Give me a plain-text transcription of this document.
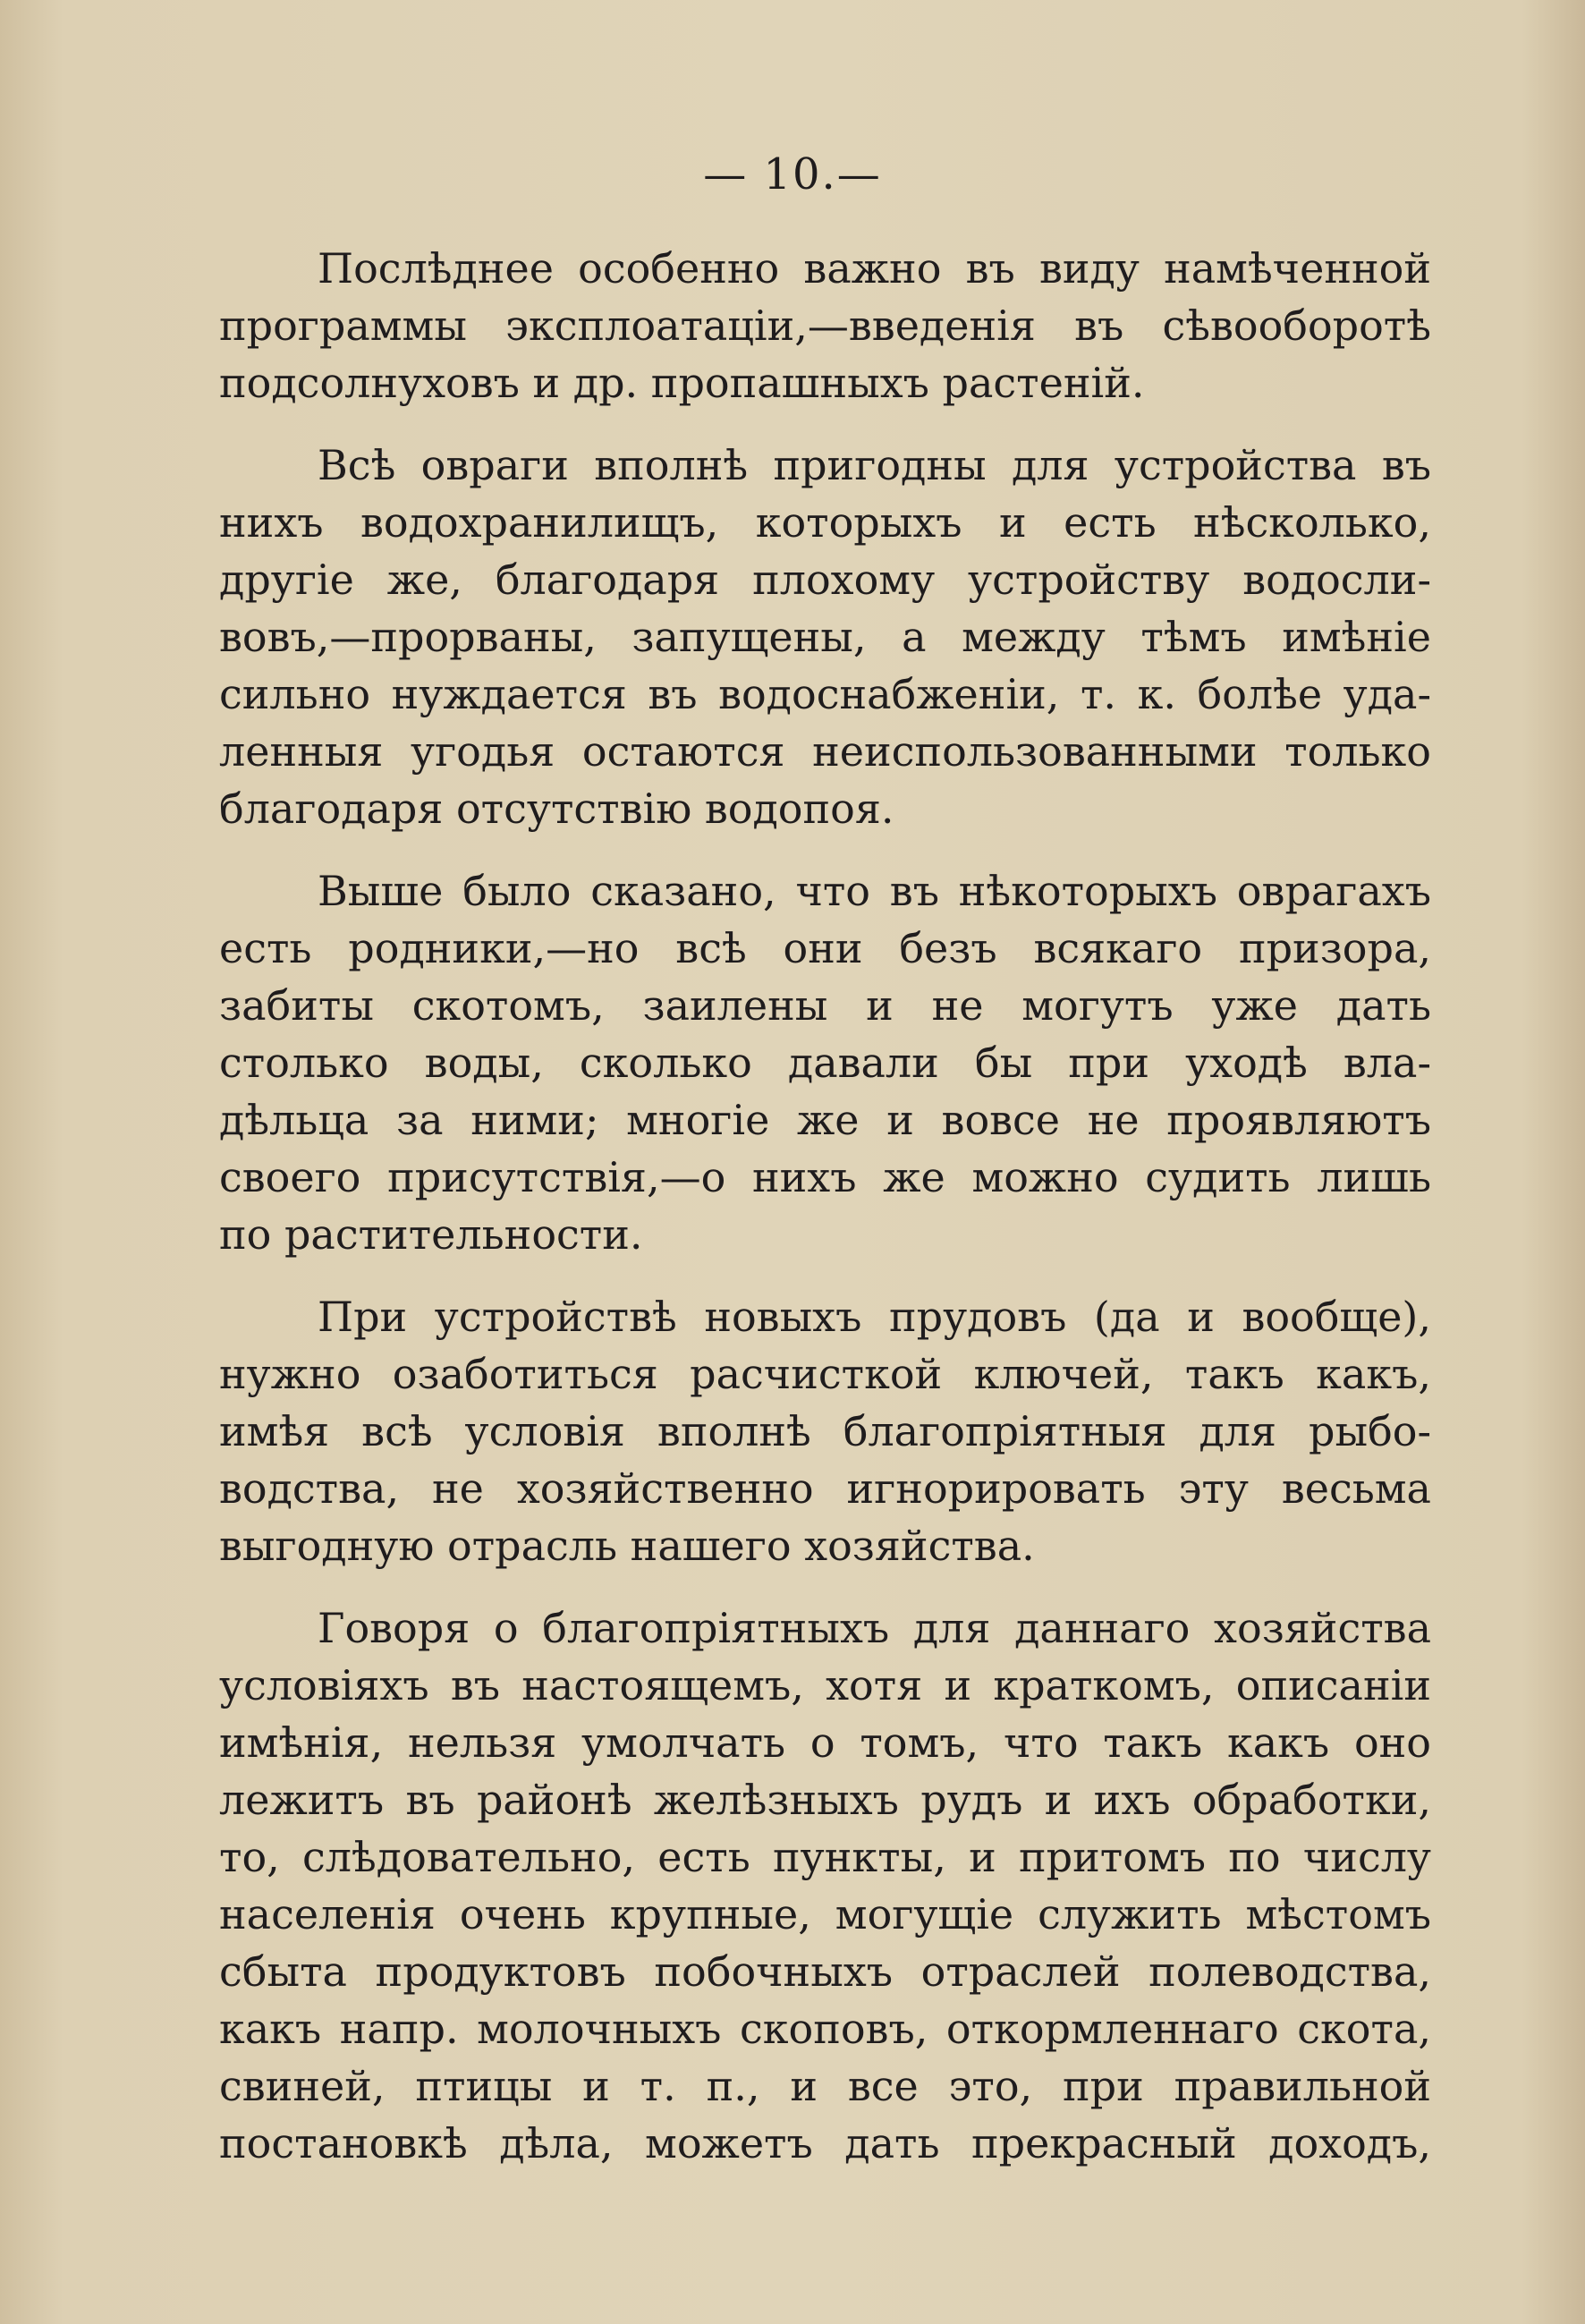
— 10.—

Послѣднее особенно важно въ виду намѣченной
программы эксплоатаціи,—введенія въ сѣвооборотѣ
подсолнуховъ и др. пропашныхъ растеній.

Всѣ овраги вполнѣ пригодны для устройства въ
нихъ водохранилищъ, которыхъ и есть нѣсколько,
другіе же, благодаря плохому устройству водосли-
вовъ,—прорваны, запущены, а между тѣмъ имѣніе
сильно нуждается въ водоснабженіи, т. к. болѣе уда-
ленныя угодья остаются неиспользованными только
благодаря отсутствію водопоя.

Выше было сказано, что въ нѣкоторыхъ оврагахъ
есть родники,—но всѣ они безъ всякаго призора,
забиты скотомъ, заилены и не могутъ уже дать
столько воды, сколько давали бы при уходѣ вла-
дѣльца за ними; многіе же и вовсе не проявляютъ
своего присутствія,—о нихъ же можно судить лишь
по растительности.

При устройствѣ новыхъ прудовъ (да и вообще),
нужно озаботиться расчисткой ключей, такъ какъ,
имѣя всѣ условія вполнѣ благопріятныя для рыбо-
водства, не хозяйственно игнорировать эту весьма
выгодную отрасль нашего хозяйства.

Говоря о благопріятныхъ для даннаго хозяйства
условіяхъ въ настоящемъ, хотя и краткомъ, описаніи
имѣнія, нельзя умолчать о томъ, что такъ какъ оно
лежитъ въ районѣ желѣзныхъ рудъ и ихъ обработки,
то, слѣдовательно, есть пункты, и притомъ по числу
населенія очень крупные, могущіе служить мѣстомъ
сбыта продуктовъ побочныхъ отраслей полеводства,
какъ напр. молочныхъ скоповъ, откормленнаго скота,
свиней, птицы и т. п., и все это, при правильной
постановкѣ дѣла, можетъ дать прекрасный доходъ,
